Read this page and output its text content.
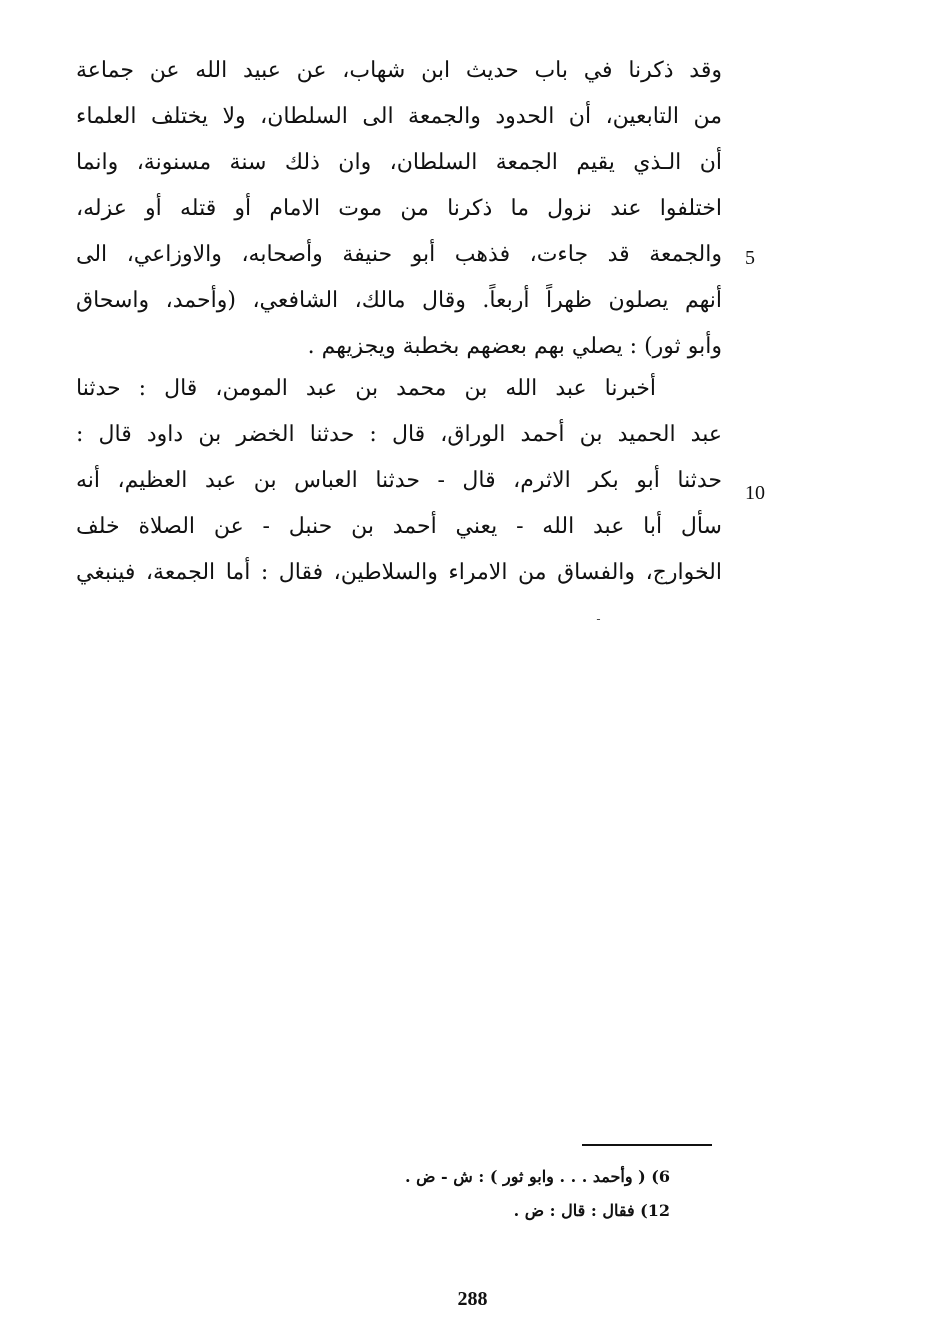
وقد ذكرنا في باب حديث ابن شهاب، عن عبيد الله عن جماعة
من التابعين، أن الحدود والجمعة الى السلطان، ولا يختلف العلماء
أن الـذي يقيم الجمعة السلطان، وان ذلك سنة مسنونة، وانما
اختلفوا عند نزول ما ذكرنا من موت الامام أو قتله أو عزله،
والجمعة قد جاءت، فذهب أبو حنيفة وأصحابه، والاوزاعي، الى
أنهم يصلون ظهراً أربعاً. وقال مالك، الشافعي، (وأحمد، واسحاق
وأبو ثور) : يصلي بهم بعضهم بخطبة ويجزيهم .
أخبرنا عبد الله بن محمد بن عبد المومن، قال : حدثنا
عبد الحميد بن أحمد الوراق، قال : حدثنا الخضر بن داود قال :
حدثنا أبو بكر الاثرم، قال - حدثنا العباس بن عبد العظيم، أنه
سأل أبا عبد الله - يعني أحمد بن حنبل - عن الصلاة خلف
الخوارج، والفساق من الامراء والسلاطين، فقال : أما الجمعة، فينبغي
5
10
ـ
6) ( وأحمد . . . وابو ثور ) : ش - ض .
12) فقال : قال : ض .
288
